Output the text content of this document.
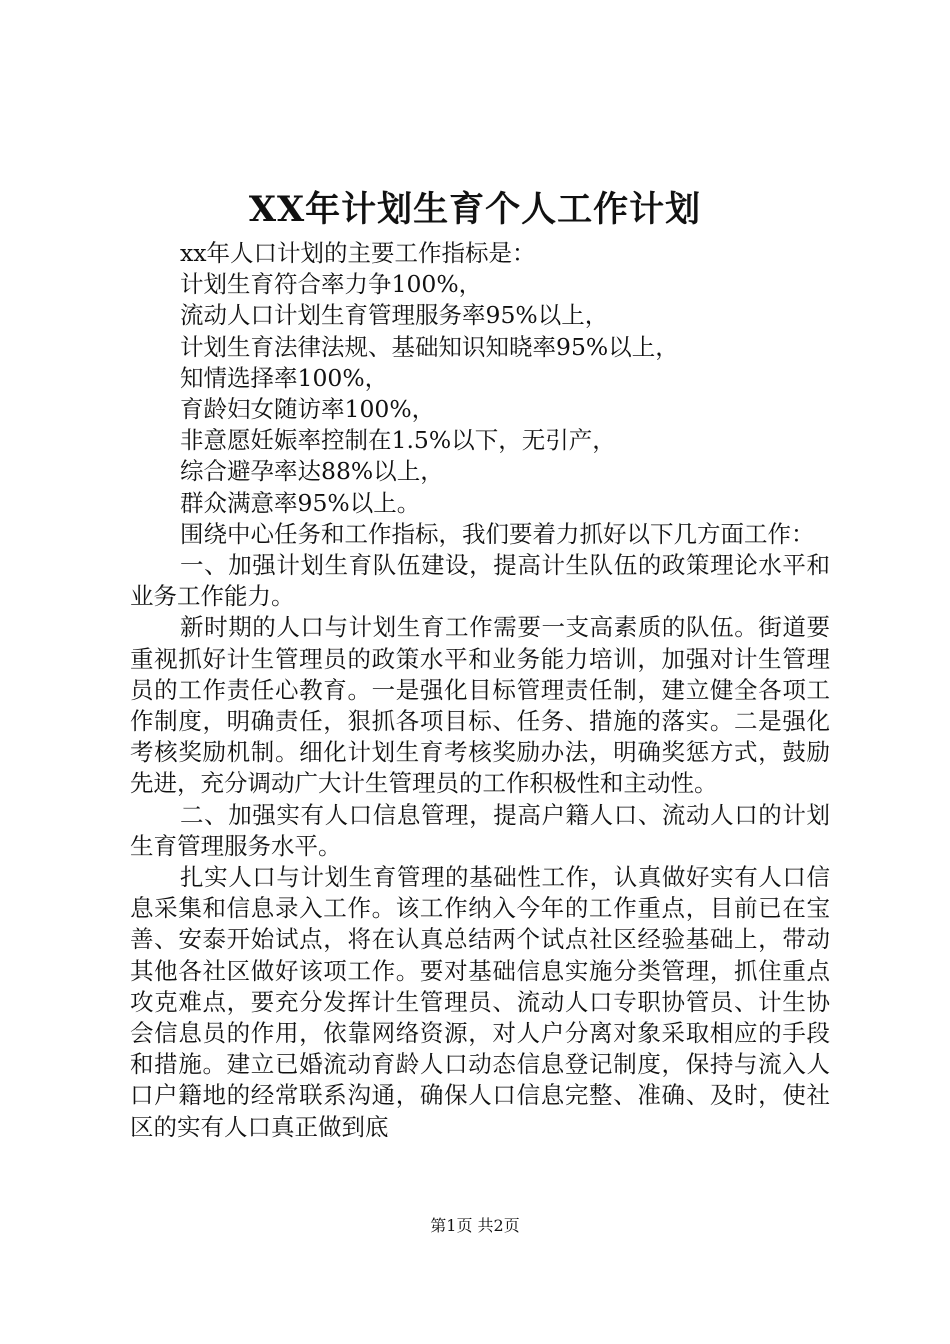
XX年计划生育个人工作计划

xx年人口计划的主要工作指标是：

计划生育符合率力争100%，

流动人口计划生育管理服务率95%以上，

计划生育法律法规、基础知识知晓率95%以上，

知情选择率100%，

育龄妇女随访率100%，

非意愿妊娠率控制在1.5%以下，无引产，

综合避孕率达88%以上，

群众满意率95%以上。

围绕中心任务和工作指标，我们要着力抓好以下几方面工作：

一、加强计划生育队伍建设，提高计生队伍的政策理论水平和业务工作能力。

新时期的人口与计划生育工作需要一支高素质的队伍。街道要重视抓好计生管理员的政策水平和业务能力培训，加强对计生管理员的工作责任心教育。一是强化目标管理责任制，建立健全各项工作制度，明确责任，狠抓各项目标、任务、措施的落实。二是强化考核奖励机制。细化计划生育考核奖励办法，明确奖惩方式，鼓励先进，充分调动广大计生管理员的工作积极性和主动性。

二、加强实有人口信息管理，提高户籍人口、流动人口的计划生育管理服务水平。

扎实人口与计划生育管理的基础性工作，认真做好实有人口信息采集和信息录入工作。该工作纳入今年的工作重点，目前已在宝善、安泰开始试点，将在认真总结两个试点社区经验基础上，带动其他各社区做好该项工作。要对基础信息实施分类管理，抓住重点攻克难点，要充分发挥计生管理员、流动人口专职协管员、计生协会信息员的作用，依靠网络资源，对人户分离对象采取相应的手段和措施。建立已婚流动育龄人口动态信息登记制度，保持与流入人口户籍地的经常联系沟通，确保人口信息完整、准确、及时，使社区的实有人口真正做到底

第1页 共2页
